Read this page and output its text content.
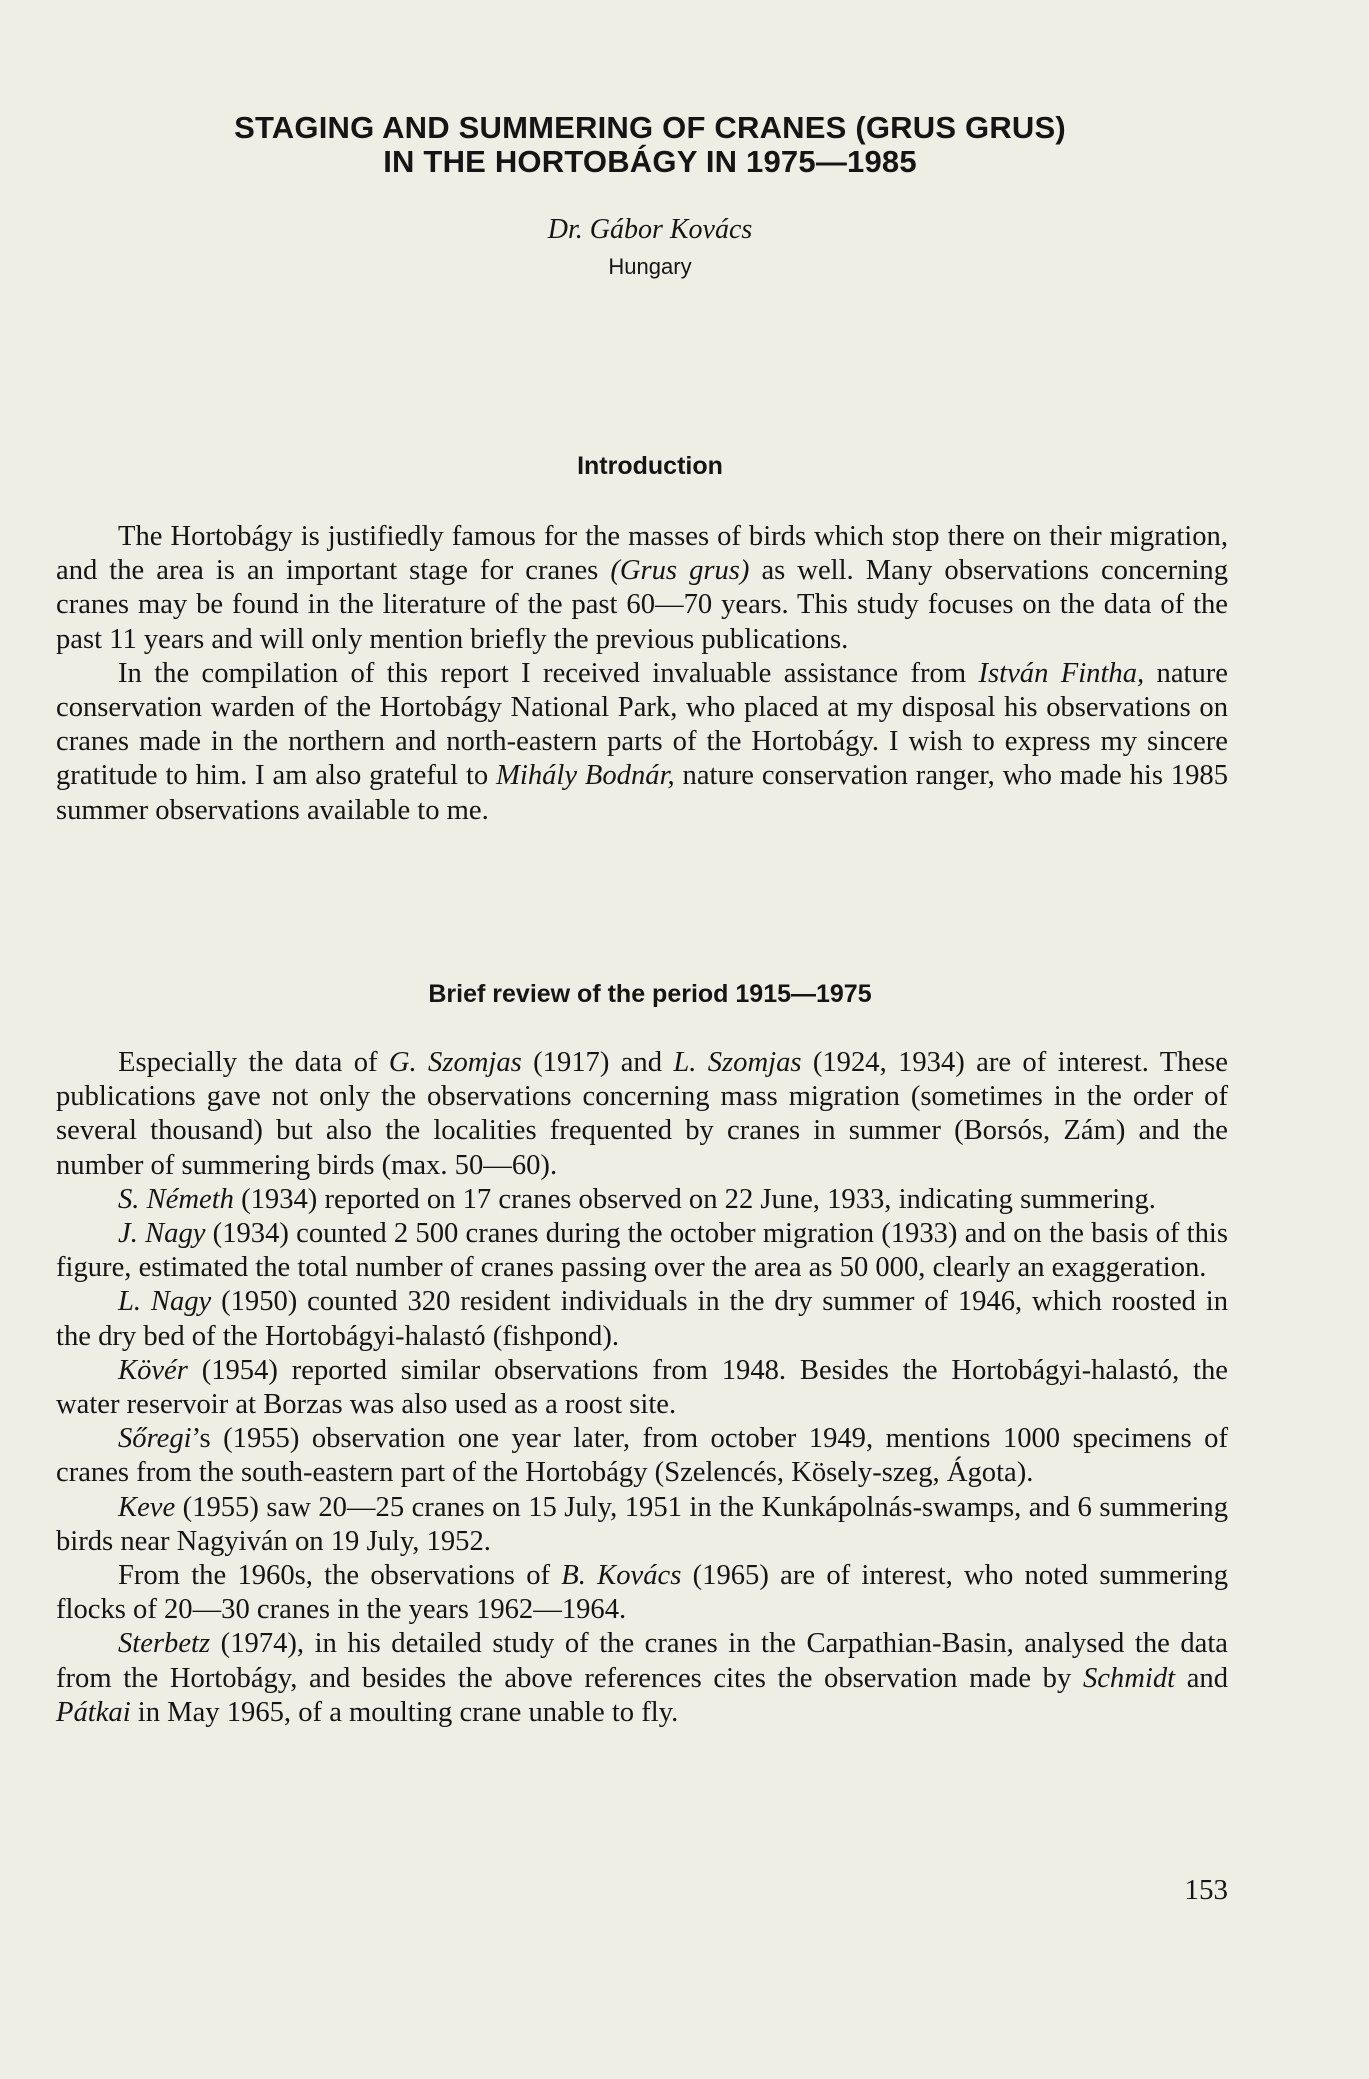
STAGING AND SUMMERING OF CRANES (GRUS GRUS)
IN THE HORTOBÁGY IN 1975—1985
Dr. Gábor Kovács
Hungary
Introduction

The Hortobágy is justifiedly famous for the masses of birds which stop there on their migration, and the area is an important stage for cranes (Grus grus) as well. Many observations concerning cranes may be found in the literature of the past 60—70 years. This study focuses on the data of the past 11 years and will only mention briefly the previous publications.

In the compilation of this report I received invaluable assistance from István Fintha, nature conservation warden of the Hortobágy National Park, who placed at my disposal his observations on cranes made in the northern and north-eastern parts of the Hortobágy. I wish to express my sincere gratitude to him. I am also grateful to Mihály Bodnár, nature conservation ranger, who made his 1985 summer observations available to me.

Brief review of the period 1915—1975

Especially the data of G. Szomjas (1917) and L. Szomjas (1924, 1934) are of interest. These publications gave not only the observations concerning mass migration (sometimes in the order of several thousand) but also the localities frequented by cranes in summer (Borsós, Zám) and the number of summering birds (max. 50—60).

S. Németh (1934) reported on 17 cranes observed on 22 June, 1933, indicating summering.

J. Nagy (1934) counted 2 500 cranes during the october migration (1933) and on the basis of this figure, estimated the total number of cranes passing over the area as 50 000, clearly an exaggeration.

L. Nagy (1950) counted 320 resident individuals in the dry summer of 1946, which roosted in the dry bed of the Hortobágyi-halastó (fishpond).

Kövér (1954) reported similar observations from 1948. Besides the Hortobágyi-halastó, the water reservoir at Borzas was also used as a roost site.

Sőregi’s (1955) observation one year later, from october 1949, mentions 1000 specimens of cranes from the south-eastern part of the Hortobágy (Szelencés, Kösely-szeg, Ágota).

Keve (1955) saw 20—25 cranes on 15 July, 1951 in the Kunkápolnás-swamps, and 6 summering birds near Nagyiván on 19 July, 1952.

From the 1960s, the observations of B. Kovács (1965) are of interest, who noted summering flocks of 20—30 cranes in the years 1962—1964.

Sterbetz (1974), in his detailed study of the cranes in the Carpathian-Basin, analysed the data from the Hortobágy, and besides the above references cites the observation made by Schmidt and Pátkai in May 1965, of a moulting crane unable to fly.

153
